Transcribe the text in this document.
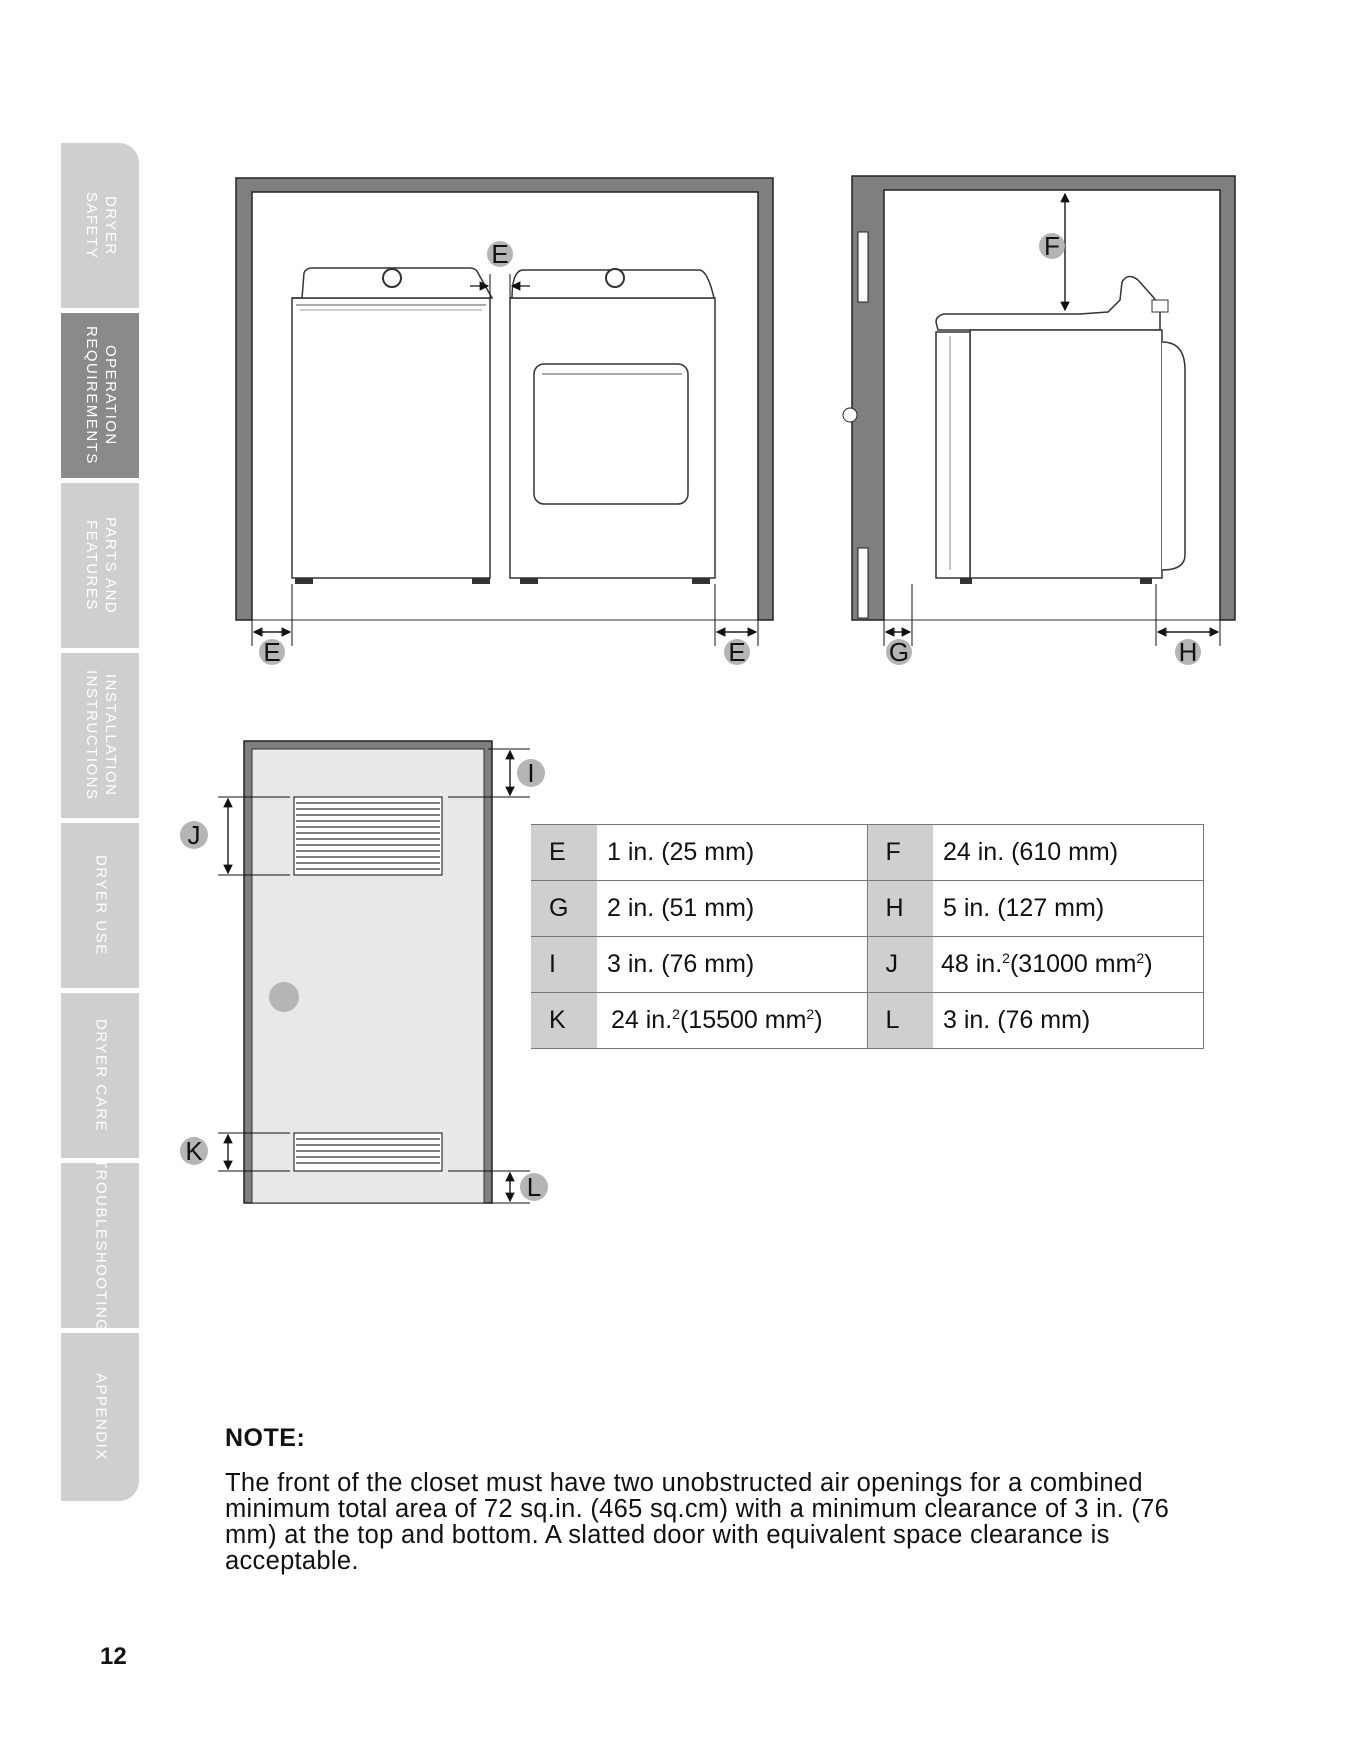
DRYER
SAFETY
OPERATION
REQUIREMENTS
PARTS AND
FEATURES
INSTALLATION
INSTRUCTIONS
DRYER USE
DRYER CARE
TROUBLESHOOTING
APPENDIX
E
E	E
F
G	H
I
J
K
L
E	1 in. (25 mm)	F	24 in. (610 mm)
G	2 in. (51 mm)	H	5 in. (127 mm)
I	3 in. (76 mm)	J	48 in.$^2$(31000 $mm^2$)
K	24 in.$^2$(15500 $mm^2$)	L	3 in. (76 mm)
NOTE:
The front of the closet must have two unobstructed air openings for a combined minimum total area of 72 sq.in. (465 sq.cm) with a minimum clearance of 3 in. (76 mm) at the top and bottom. A slatted door with equivalent space clearance is acceptable.
12
